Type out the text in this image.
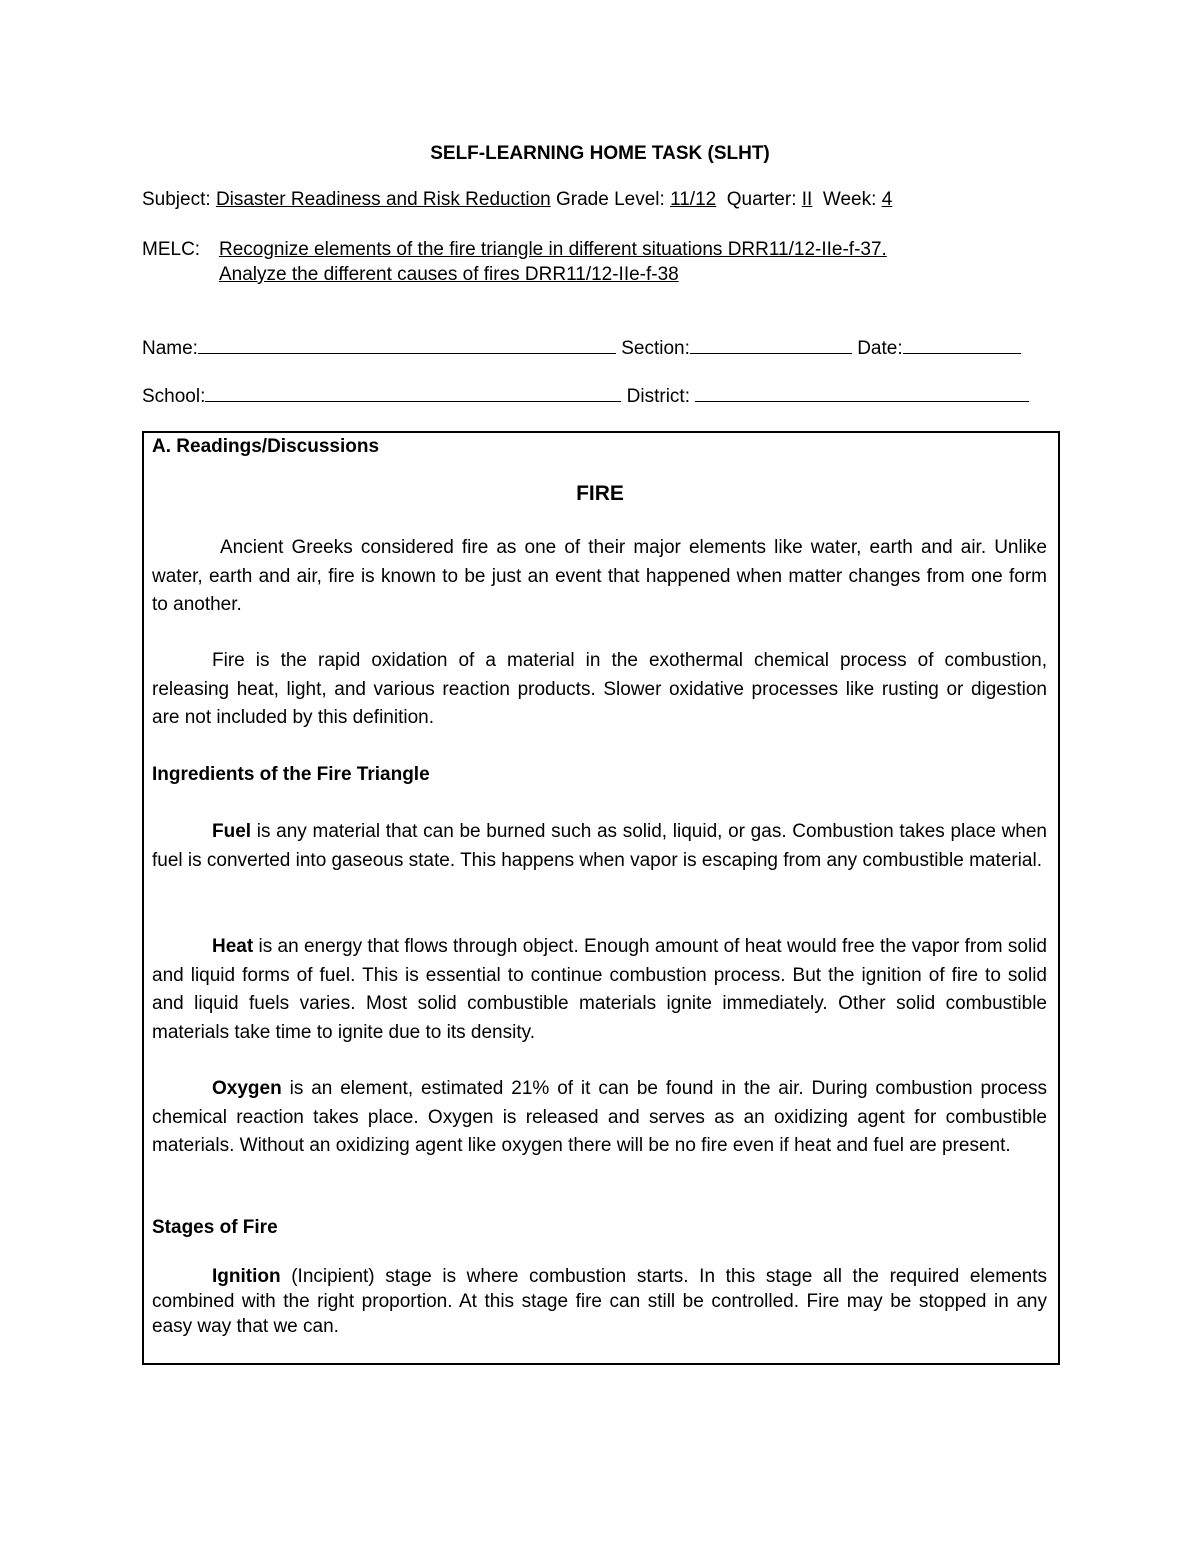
SELF-LEARNING HOME TASK (SLHT)
Subject: Disaster Readiness and Risk Reduction Grade Level: 11/12 Quarter: II Week: 4
MELC: Recognize elements of the fire triangle in different situations DRR11/12-IIe-f-37.
Analyze the different causes of fires DRR11/12-IIe-f-38
Name:	Section:	Date:
School:	District:
A. Readings/Discussions
FIRE
Ancient Greeks considered fire as one of their major elements like water, earth and air. Unlike water, earth and air, fire is known to be just an event that happened when matter changes from one form to another.
Fire is the rapid oxidation of a material in the exothermal chemical process of combustion, releasing heat, light, and various reaction products. Slower oxidative processes like rusting or digestion are not included by this definition.
Ingredients of the Fire Triangle
Fuel is any material that can be burned such as solid, liquid, or gas. Combustion takes place when fuel is converted into gaseous state. This happens when vapor is escaping from any combustible material.
Heat is an energy that flows through object. Enough amount of heat would free the vapor from solid and liquid forms of fuel. This is essential to continue combustion process. But the ignition of fire to solid and liquid fuels varies. Most solid combustible materials ignite immediately. Other solid combustible materials take time to ignite due to its density.
Oxygen is an element, estimated 21% of it can be found in the air. During combustion process chemical reaction takes place. Oxygen is released and serves as an oxidizing agent for combustible materials. Without an oxidizing agent like oxygen there will be no fire even if heat and fuel are present.
Stages of Fire
Ignition (Incipient) stage is where combustion starts. In this stage all the required elements combined with the right proportion. At this stage fire can still be controlled. Fire may be stopped in any easy way that we can.
